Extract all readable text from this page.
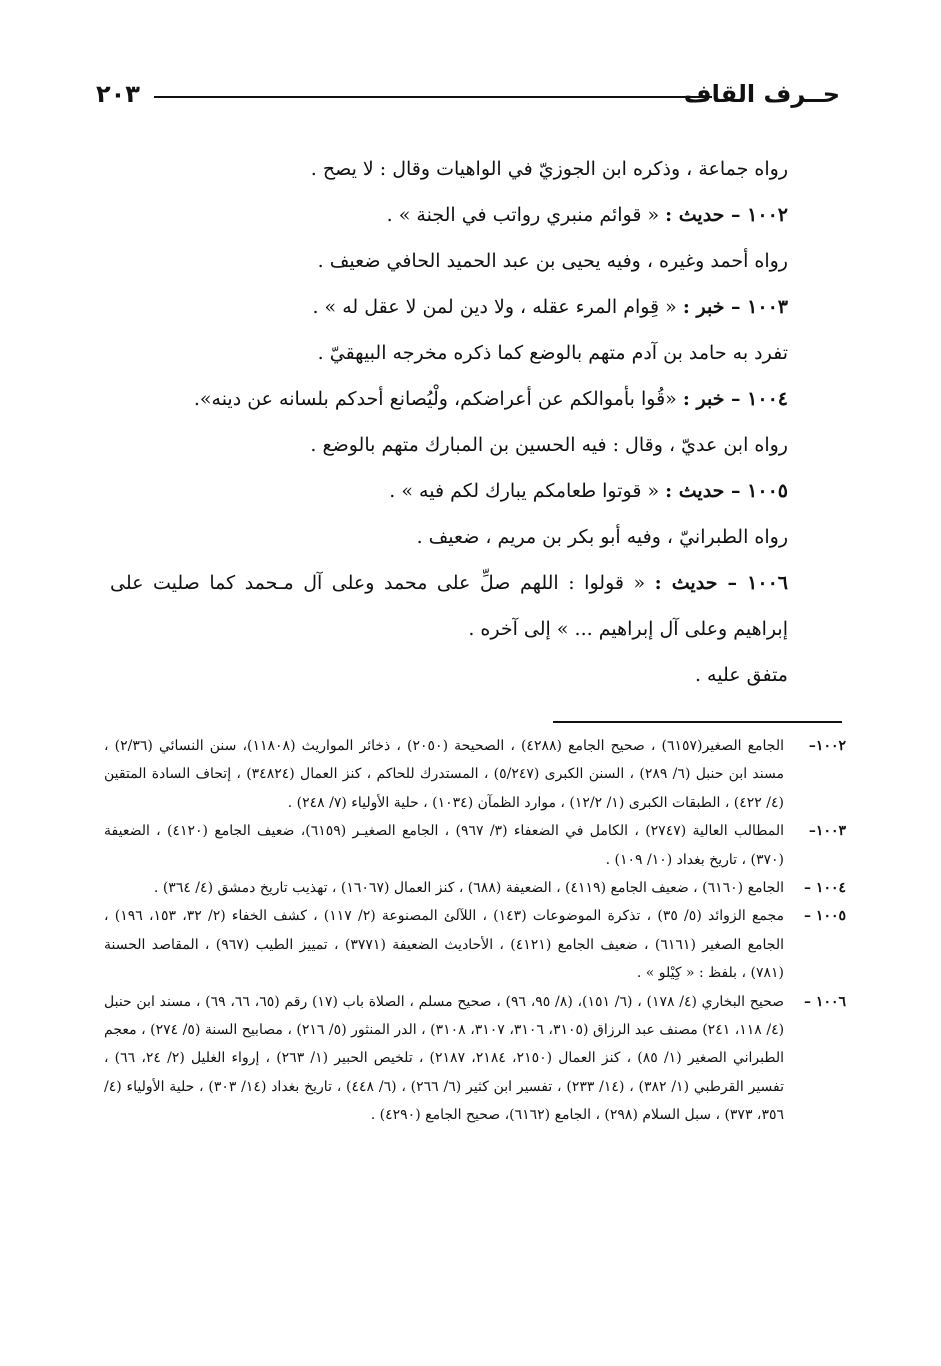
حــرف القاف
٢٠٣

رواه جماعة ، وذكره ابن الجوزيّ في الواهيات وقال : لا يصح .

١٠٠٢ – حديث : « قوائم منبري رواتب في الجنة » .

رواه أحمد وغيره ، وفيه يحيى بن عبد الحميد الحافي ضعيف .

١٠٠٣ – خبر : « قِوام المرء عقله ، ولا دين لمن لا عقل له » .

تفرد به حامد بن آدم متهم بالوضع كما ذكره مخرجه البيهقيّ .

١٠٠٤ – خبر : «قُوا بأموالكم عن أعراضكم، ولْيُصانع أحدكم بلسانه عن دينه».

رواه ابن عديّ ، وقال : فيه الحسين بن المبارك متهم بالوضع .

١٠٠٥ – حديث : « قوتوا طعامكم يبارك لكم فيه » .

رواه الطبرانيّ ، وفيه أبو بكر بن مريم ، ضعيف .

١٠٠٦ – حديث : « قولوا : اللهم صلِّ على محمد وعلى آل مـحمد كما صليت على إبراهيم وعلى آل إبراهيم ... » إلى آخره .

متفق عليه .

١٠٠٢–
الجامع الصغير(٦١٥٧) ، صحيح الجامع (٤٢٨٨) ، الصحيحة (٢٠٥٠) ، ذخائر المواريث (١١٨٠٨)، سنن النسائي (٢/٣٦) ، مسند ابن حنبل (٦/ ٢٨٩) ، السنن الكبرى (٥/٢٤٧) ، المستدرك للحاكم ، كنز العمال (٣٤٨٢٤) ، إتحاف السادة المتقين (٤/ ٤٢٢) ، الطبقات الكبرى (١/ ١٢/٢) ، موارد الظمآن (١٠٣٤) ، حلية الأولياء (٧/ ٢٤٨) .

١٠٠٣–
المطالب العالية (٢٧٤٧) ، الكامل في الضعفاء (٣/ ٩٦٧) ، الجامع الصغيـر (٦١٥٩)، ضعيف الجامع (٤١٢٠) ، الضعيفة (٣٧٠) ، تاريخ بغداد (١٠/ ١٠٩) .

١٠٠٤ –
الجامع (٦١٦٠) ، ضعيف الجامع (٤١١٩) ، الضعيفة (٦٨٨) ، كنز العمال (١٦٠٦٧) ، تهذيب تاريخ دمشق (٤/ ٣٦٤) .

١٠٠٥ –
مجمع الزوائد (٥/ ٣٥) ، تذكرة الموضوعات (١٤٣) ، اللآلئ المصنوعة (٢/ ١١٧) ، كشف الخفاء (٢/ ٣٢، ١٥٣، ١٩٦) ، الجامع الصغير (٦١٦١) ، ضعيف الجامع (٤١٢١) ، الأحاديث الضعيفة (٣٧٧١) ، تمييز الطيب (٩٦٧) ، المقاصد الحسنة (٧٨١) ، بلفظ : « كِيْلو » .

١٠٠٦ –
صحيح البخاري (٤/ ١٧٨) ، (٦/ ١٥١)، (٨/ ٩٥، ٩٦) ، صحيح مسلم ، الصلاة باب (١٧) رقم (٦٥، ٦٦، ٦٩) ، مسند ابن حنبل (٤/ ١١٨، ٢٤١) مصنف عبد الرزاق (٣١٠٥، ٣١٠٦، ٣١٠٧، ٣١٠٨) ، الدر المنثور (٥/ ٢١٦) ، مصابيح السنة (٥/ ٢٧٤) ، معجم الطبراني الصغير (١/ ٨٥) ، كنز العمال (٢١٥٠، ٢١٨٤، ٢١٨٧) ، تلخيص الحبير (١/ ٢٦٣) ، إرواء الغليل (٢/ ٢٤، ٦٦) ، تفسير القرطبي (١/ ٣٨٢) ، (١٤/ ٢٣٣) ، تفسير ابن كثير (٦/ ٢٦٦) ، (٦/ ٤٤٨) ، تاريخ بغداد (١٤/ ٣٠٣) ، حلية الأولياء (٤/ ٣٥٦، ٣٧٣) ، سبل السلام (٢٩٨) ، الجامع (٦١٦٢)، صحيح الجامع (٤٢٩٠) .
